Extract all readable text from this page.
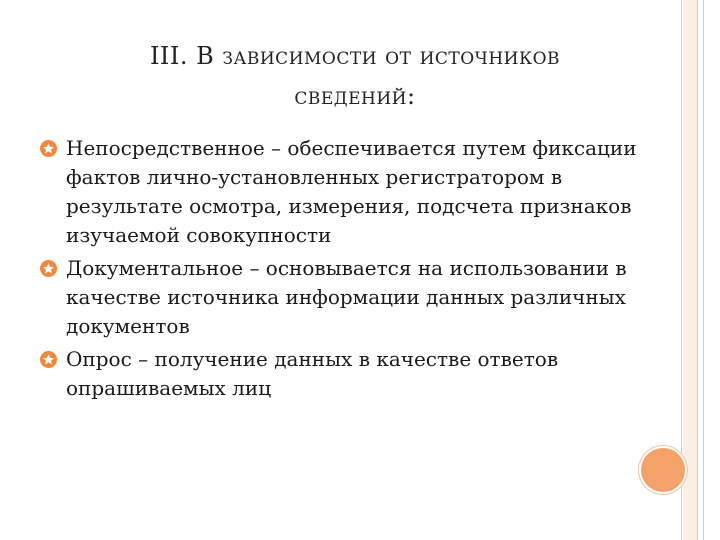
III. В зависимости от источников
сведений:
Непосредственное – обеспечивается путем фиксации фактов лично-установленных регистратором в результате осмотра, измерения, подсчета признаков изучаемой совокупности
Документальное – основывается на использовании в качестве источника информации данных различных документов
Опрос – получение данных в качестве ответов опрашиваемых лиц
